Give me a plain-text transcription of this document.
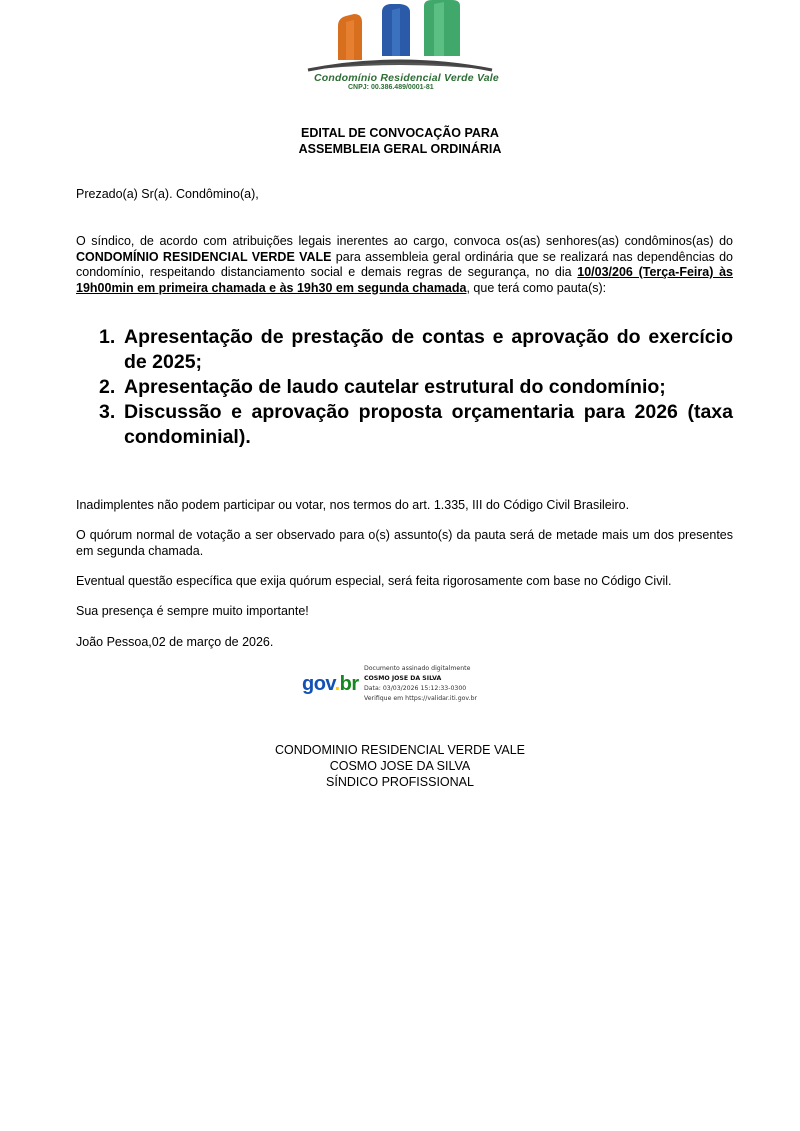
Condomínio Residencial Verde Vale
CNPJ: 00.386.489/0001-81
EDITAL DE CONVOCAÇÃO PARA
ASSEMBLEIA GERAL ORDINÁRIA
Prezado(a) Sr(a). Condômino(a),
O síndico, de acordo com atribuições legais inerentes ao cargo, convoca os(as) senhores(as) condôminos(as) do CONDOMÍNIO RESIDENCIAL VERDE VALE para assembleia geral ordinária que se realizará nas dependências do condomínio, respeitando distanciamento social e demais regras de segurança, no dia 10/03/206 (Terça-Feira) às 19h00min em primeira chamada e às 19h30 em segunda chamada, que terá como pauta(s):
1. Apresentação de prestação de contas e aprovação do exercício de 2025;
2. Apresentação de laudo cautelar estrutural do condomínio;
3. Discussão e aprovação proposta orçamentaria para 2026 (taxa condominial).
Inadimplentes não podem participar ou votar, nos termos do art. 1.335, III do Código Civil Brasileiro.
O quórum normal de votação a ser observado para o(s) assunto(s) da pauta será de metade mais um dos presentes em segunda chamada.
Eventual questão específica que exija quórum especial, será feita rigorosamente com base no Código Civil.
Sua presença é sempre muito importante!
João Pessoa,02 de março de 2026.
gov.br
Documento assinado digitalmente
COSMO JOSE DA SILVA
Data: 03/03/2026 15:12:33-0300
Verifique em https://validar.iti.gov.br
CONDOMINIO RESIDENCIAL VERDE VALE
COSMO JOSE DA SILVA
SÍNDICO PROFISSIONAL
